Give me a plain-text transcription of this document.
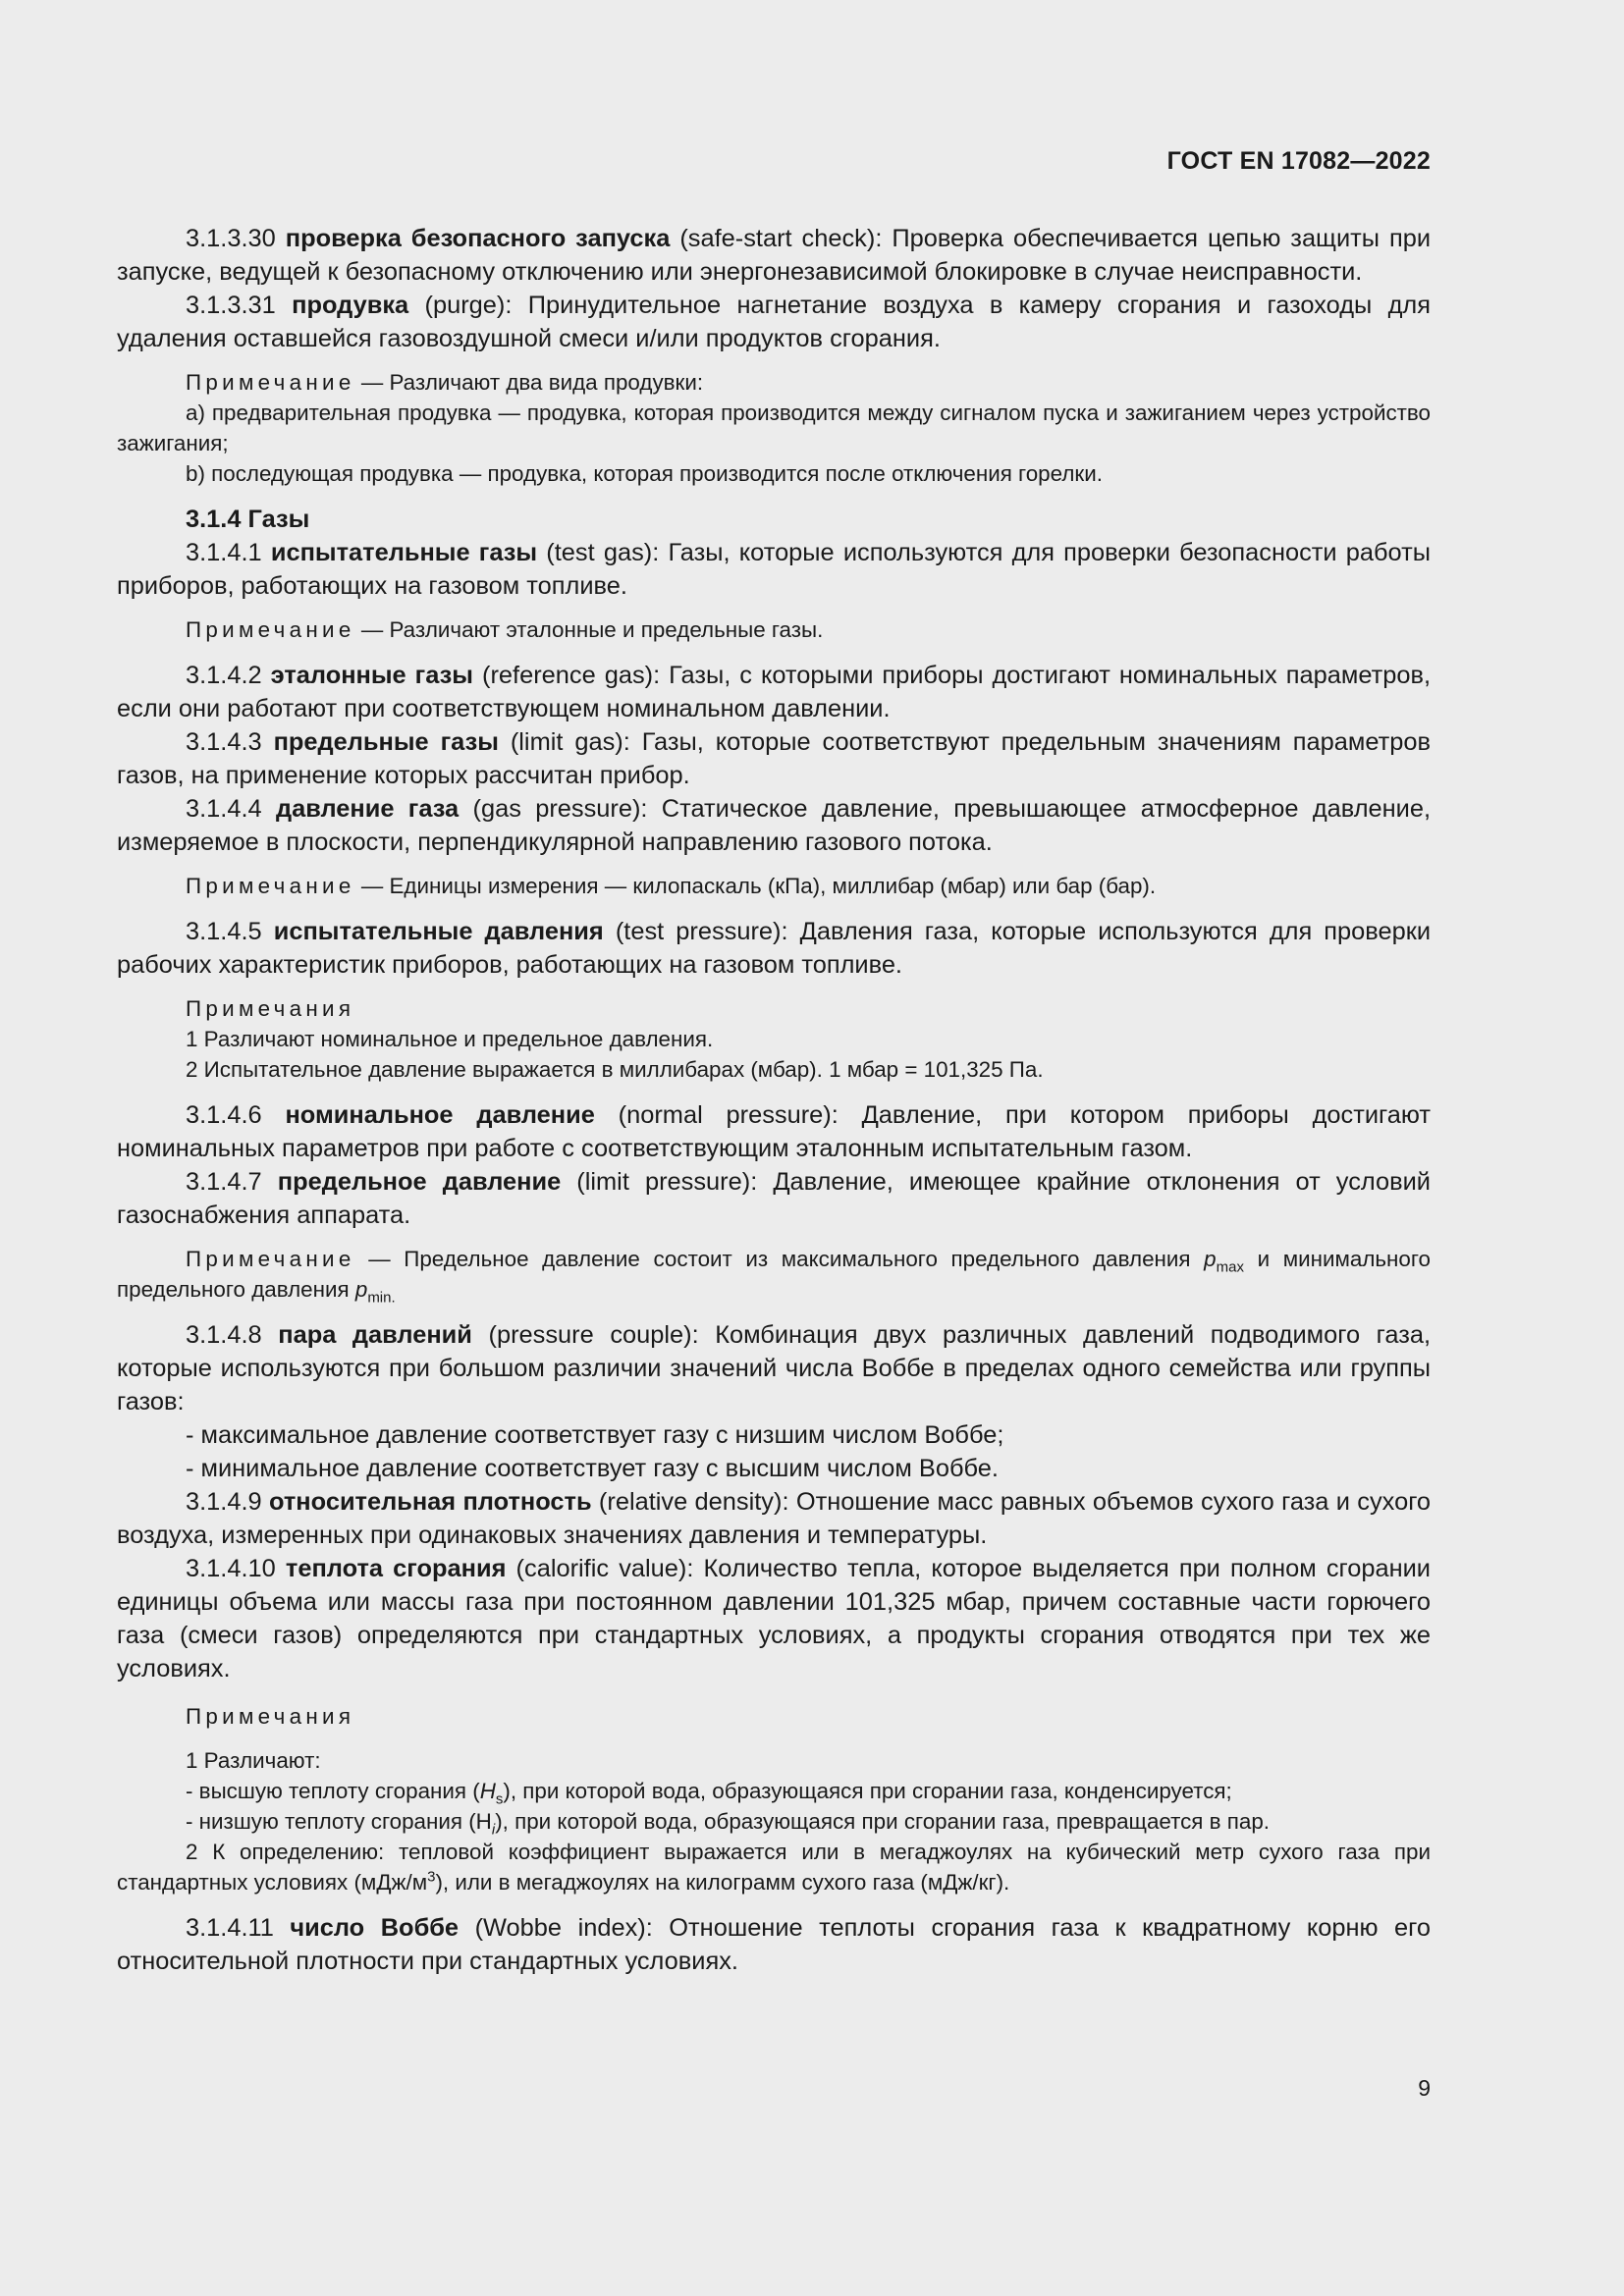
ГОСТ EN 17082—2022

3.1.3.30 проверка безопасного запуска (safe-start check): Проверка обеспечивается цепью защиты при запуске, ведущей к безопасному отключению или энергонезависимой блокировке в случае неисправности.

3.1.3.31 продувка (purge): Принудительное нагнетание воздуха в камеру сгорания и газоходы для удаления оставшейся газовоздушной смеси и/или продуктов сгорания.

Примечание — Различают два вида продувки:

а) предварительная продувка — продувка, которая производится между сигналом пуска и зажиганием через устройство зажигания;

b) последующая продувка — продувка, которая производится после отключения горелки.

3.1.4 Газы

3.1.4.1 испытательные газы (test gas): Газы, которые используются для проверки безопасности работы приборов, работающих на газовом топливе.

Примечание — Различают эталонные и предельные газы.

3.1.4.2 эталонные газы (reference gas): Газы, с которыми приборы достигают номинальных параметров, если они работают при соответствующем номинальном давлении.

3.1.4.3 предельные газы (limit gas): Газы, которые соответствуют предельным значениям параметров газов, на применение которых рассчитан прибор.

3.1.4.4 давление газа (gas pressure): Статическое давление, превышающее атмосферное давление, измеряемое в плоскости, перпендикулярной направлению газового потока.

Примечание — Единицы измерения — килопаскаль (кПа), миллибар (мбар) или бар (бар).

3.1.4.5 испытательные давления (test pressure): Давления газа, которые используются для проверки рабочих характеристик приборов, работающих на газовом топливе.

Примечания

1 Различают номинальное и предельное давления.

2 Испытательное давление выражается в миллибарах (мбар). 1 мбар = 101,325 Па.

3.1.4.6 номинальное давление (normal pressure): Давление, при котором приборы достигают номинальных параметров при работе с соответствующим эталонным испытательным газом.

3.1.4.7 предельное давление (limit pressure): Давление, имеющее крайние отклонения от условий газоснабжения аппарата.

Примечание — Предельное давление состоит из максимального предельного давления $p_{max}$ и минимального предельного давления $p_{min.}$

3.1.4.8 пара давлений (pressure couple): Комбинация двух различных давлений подводимого газа, которые используются при большом различии значений числа Воббе в пределах одного семейства или группы газов:

- максимальное давление соответствует газу с низшим числом Воббе;

- минимальное давление соответствует газу с высшим числом Воббе.

3.1.4.9 относительная плотность (relative density): Отношение масс равных объемов сухого газа и сухого воздуха, измеренных при одинаковых значениях давления и температуры.

3.1.4.10 теплота сгорания (calorific value): Количество тепла, которое выделяется при полном сгорании единицы объема или массы газа при постоянном давлении 101,325 мбар, причем составные части горючего газа (смеси газов) определяются при стандартных условиях, а продукты сгорания отводятся при тех же условиях.

Примечания

1 Различают:

- высшую теплоту сгорания $(H_s)$, при которой вода, образующаяся при сгорании газа, конденсируется;

- низшую теплоту сгорания $(H_i)$, при которой вода, образующаяся при сгорании газа, превращается в пар.

2 К определению: тепловой коэффициент выражается или в мегаджоулях на кубический метр сухого газа при стандартных условиях $(мДж/м^3)$, или в мегаджоулях на килограмм сухого газа (мДж/кг).

3.1.4.11 число Воббе (Wobbe index): Отношение теплоты сгорания газа к квадратному корню его относительной плотности при стандартных условиях.

9
